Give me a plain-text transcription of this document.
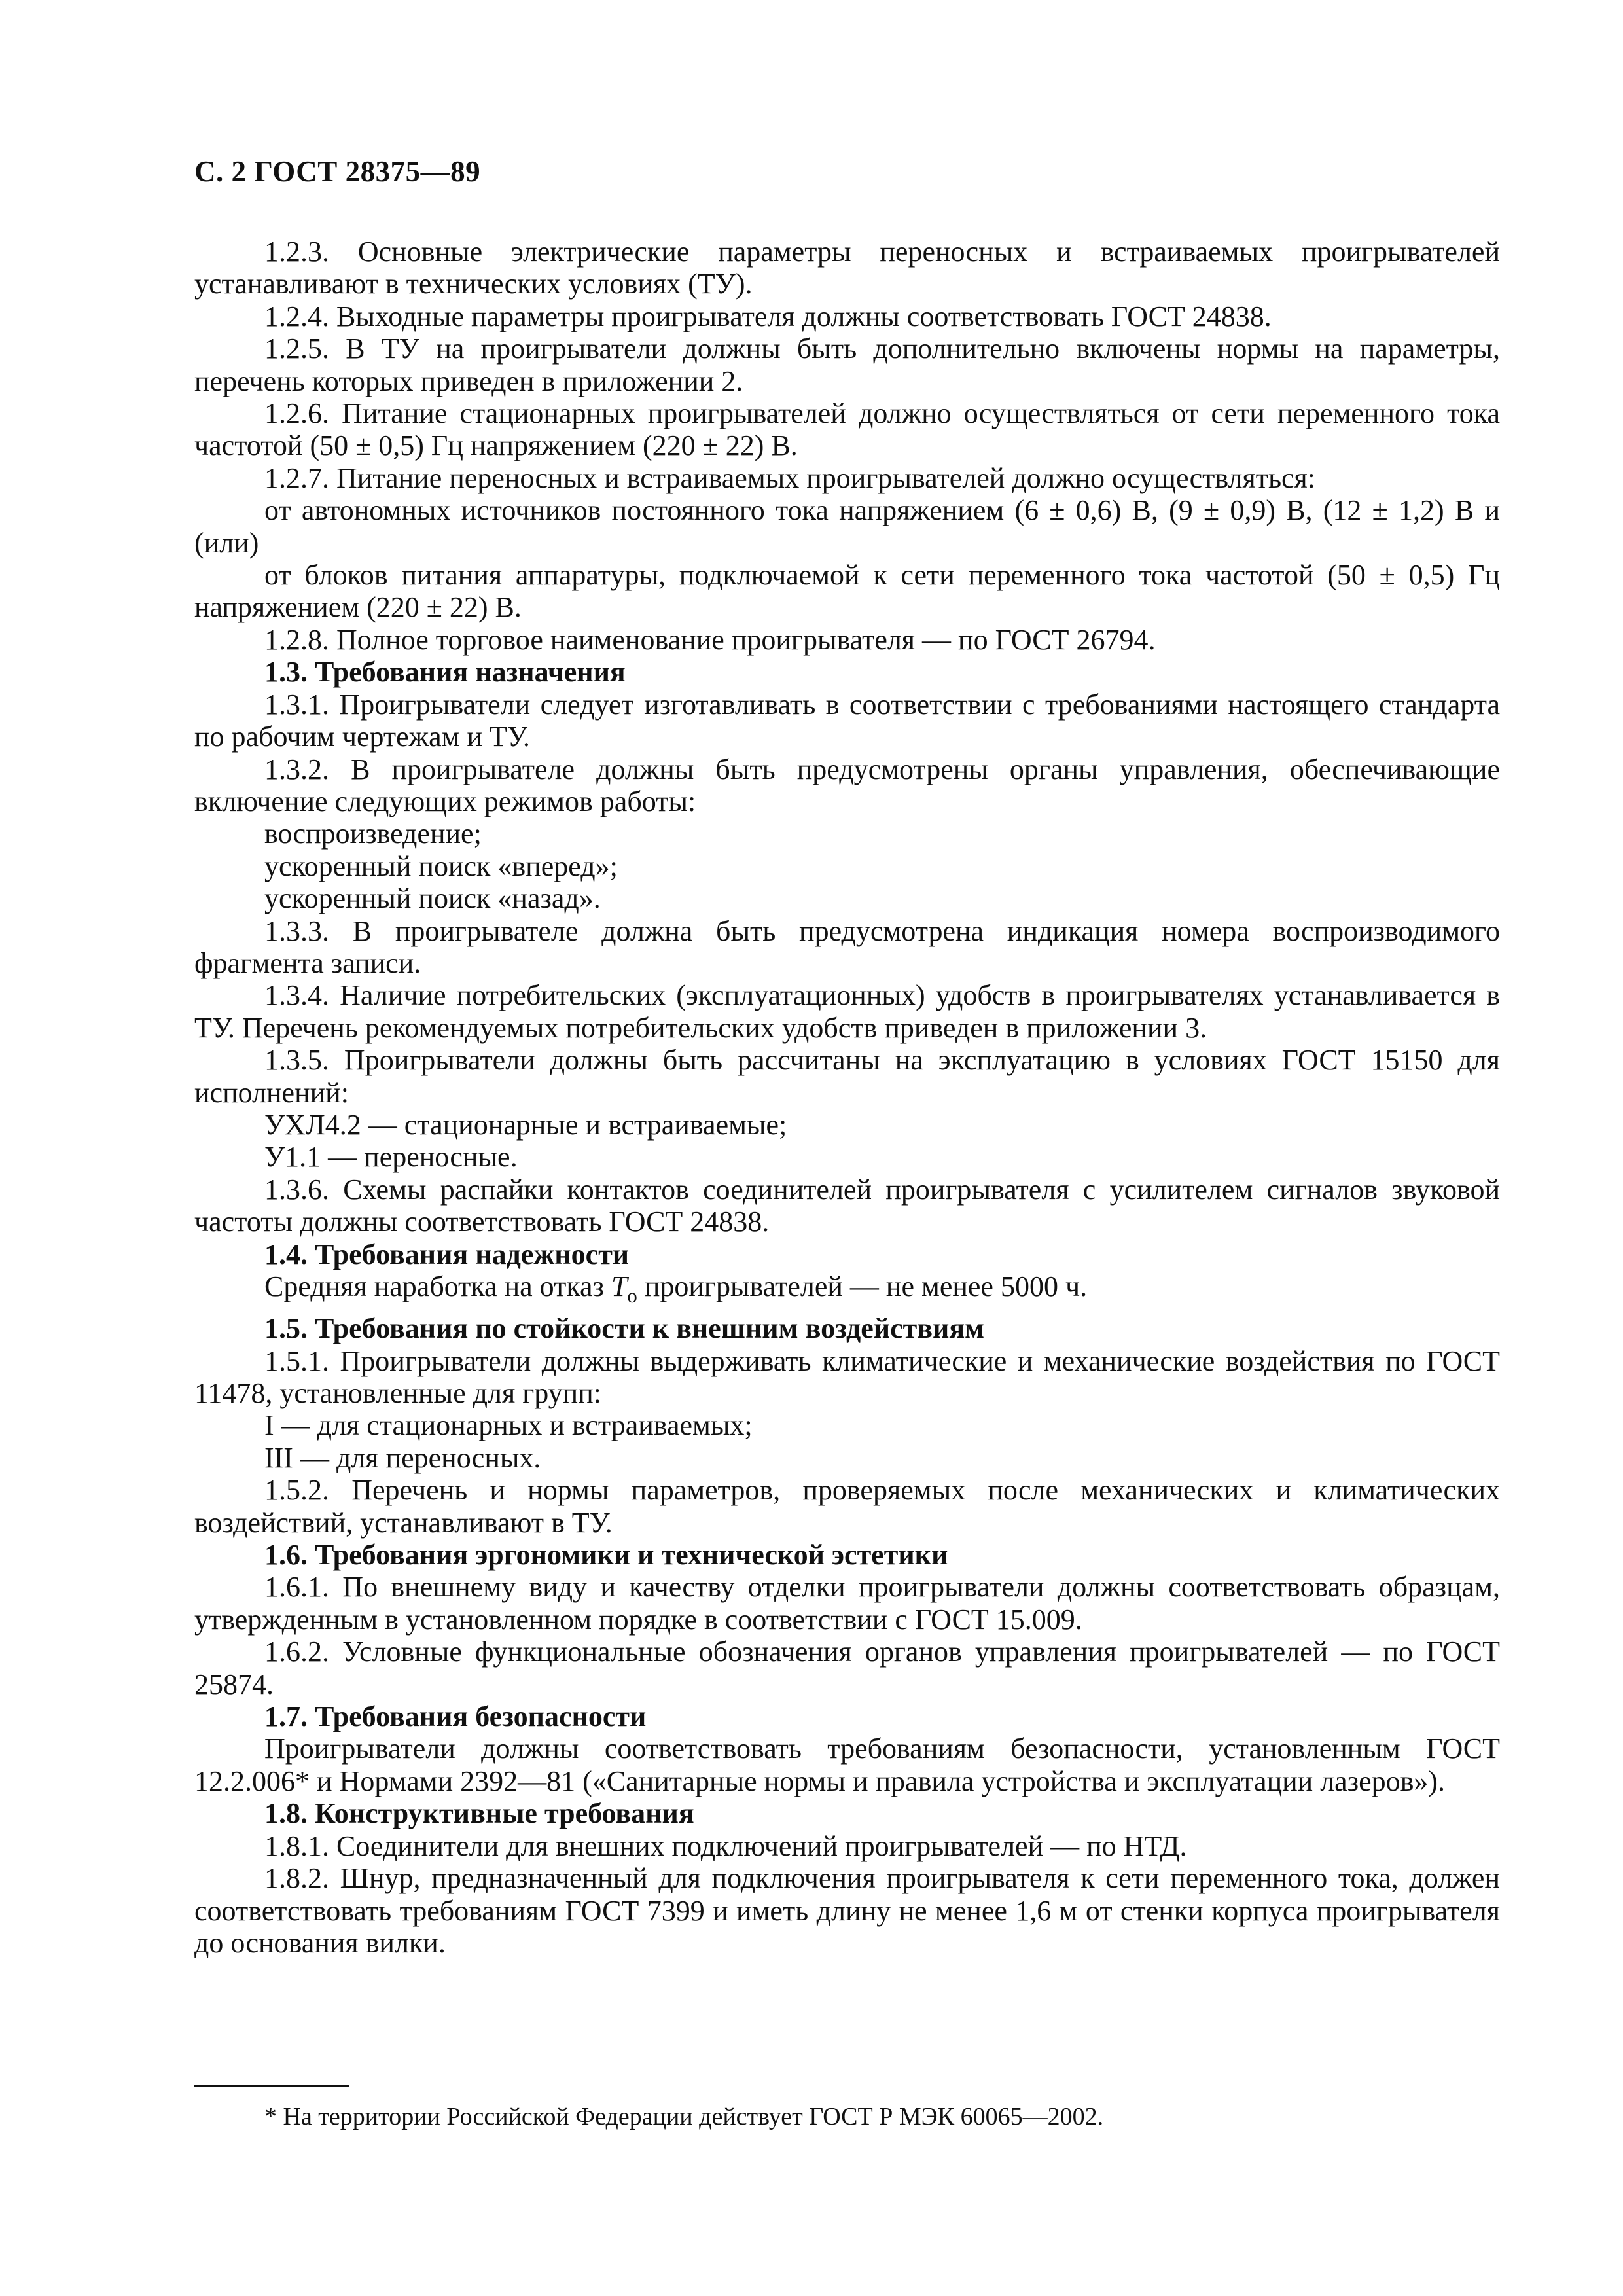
С. 2 ГОСТ 28375—89

1.2.3. Основные электрические параметры переносных и встраиваемых проигрывателей устанавливают в технических условиях (ТУ).

1.2.4. Выходные параметры проигрывателя должны соответствовать ГОСТ 24838.

1.2.5. В ТУ на проигрыватели должны быть дополнительно включены нормы на параметры, перечень которых приведен в приложении 2.

1.2.6. Питание стационарных проигрывателей должно осуществляться от сети переменного тока частотой (50 ± 0,5) Гц напряжением (220 ± 22) В.

1.2.7. Питание переносных и встраиваемых проигрывателей должно осуществляться:

от автономных источников постоянного тока напряжением (6 ± 0,6) В, (9 ± 0,9) В, (12 ± 1,2) В и (или)

от блоков питания аппаратуры, подключаемой к сети переменного тока частотой (50 ± 0,5) Гц напряжением (220 ± 22) В.

1.2.8. Полное торговое наименование проигрывателя — по ГОСТ 26794.

1.3. Требования назначения

1.3.1. Проигрыватели следует изготавливать в соответствии с требованиями настоящего стандарта по рабочим чертежам и ТУ.

1.3.2. В проигрывателе должны быть предусмотрены органы управления, обеспечивающие включение следующих режимов работы:

воспроизведение;

ускоренный поиск «вперед»;

ускоренный поиск «назад».

1.3.3. В проигрывателе должна быть предусмотрена индикация номера воспроизводимого фрагмента записи.

1.3.4. Наличие потребительских (эксплуатационных) удобств в проигрывателях устанавливается в ТУ. Перечень рекомендуемых потребительских удобств приведен в приложении 3.

1.3.5. Проигрыватели должны быть рассчитаны на эксплуатацию в условиях ГОСТ 15150 для исполнений:

УХЛ4.2 — стационарные и встраиваемые;

У1.1 — переносные.

1.3.6. Схемы распайки контактов соединителей проигрывателя с усилителем сигналов звуковой частоты должны соответствовать ГОСТ 24838.

1.4. Требования надежности

Средняя наработка на отказ $T_o$ проигрывателей — не менее 5000 ч.

1.5. Требования по стойкости к внешним воздействиям

1.5.1. Проигрыватели должны выдерживать климатические и механические воздействия по ГОСТ 11478, установленные для групп:

I — для стационарных и встраиваемых;

III — для переносных.

1.5.2. Перечень и нормы параметров, проверяемых после механических и климатических воздействий, устанавливают в ТУ.

1.6. Требования эргономики и технической эстетики

1.6.1. По внешнему виду и качеству отделки проигрыватели должны соответствовать образцам, утвержденным в установленном порядке в соответствии с ГОСТ 15.009.

1.6.2. Условные функциональные обозначения органов управления проигрывателей — по ГОСТ 25874.

1.7. Требования безопасности

Проигрыватели должны соответствовать требованиям безопасности, установленным ГОСТ 12.2.006* и Нормами 2392—81 («Санитарные нормы и правила устройства и эксплуатации лазеров»).

1.8. Конструктивные требования

1.8.1. Соединители для внешних подключений проигрывателей — по НТД.

1.8.2. Шнур, предназначенный для подключения проигрывателя к сети переменного тока, должен соответствовать требованиям ГОСТ 7399 и иметь длину не менее 1,6 м от стенки корпуса проигрывателя до основания вилки.

* На территории Российской Федерации действует ГОСТ Р МЭК 60065—2002.
